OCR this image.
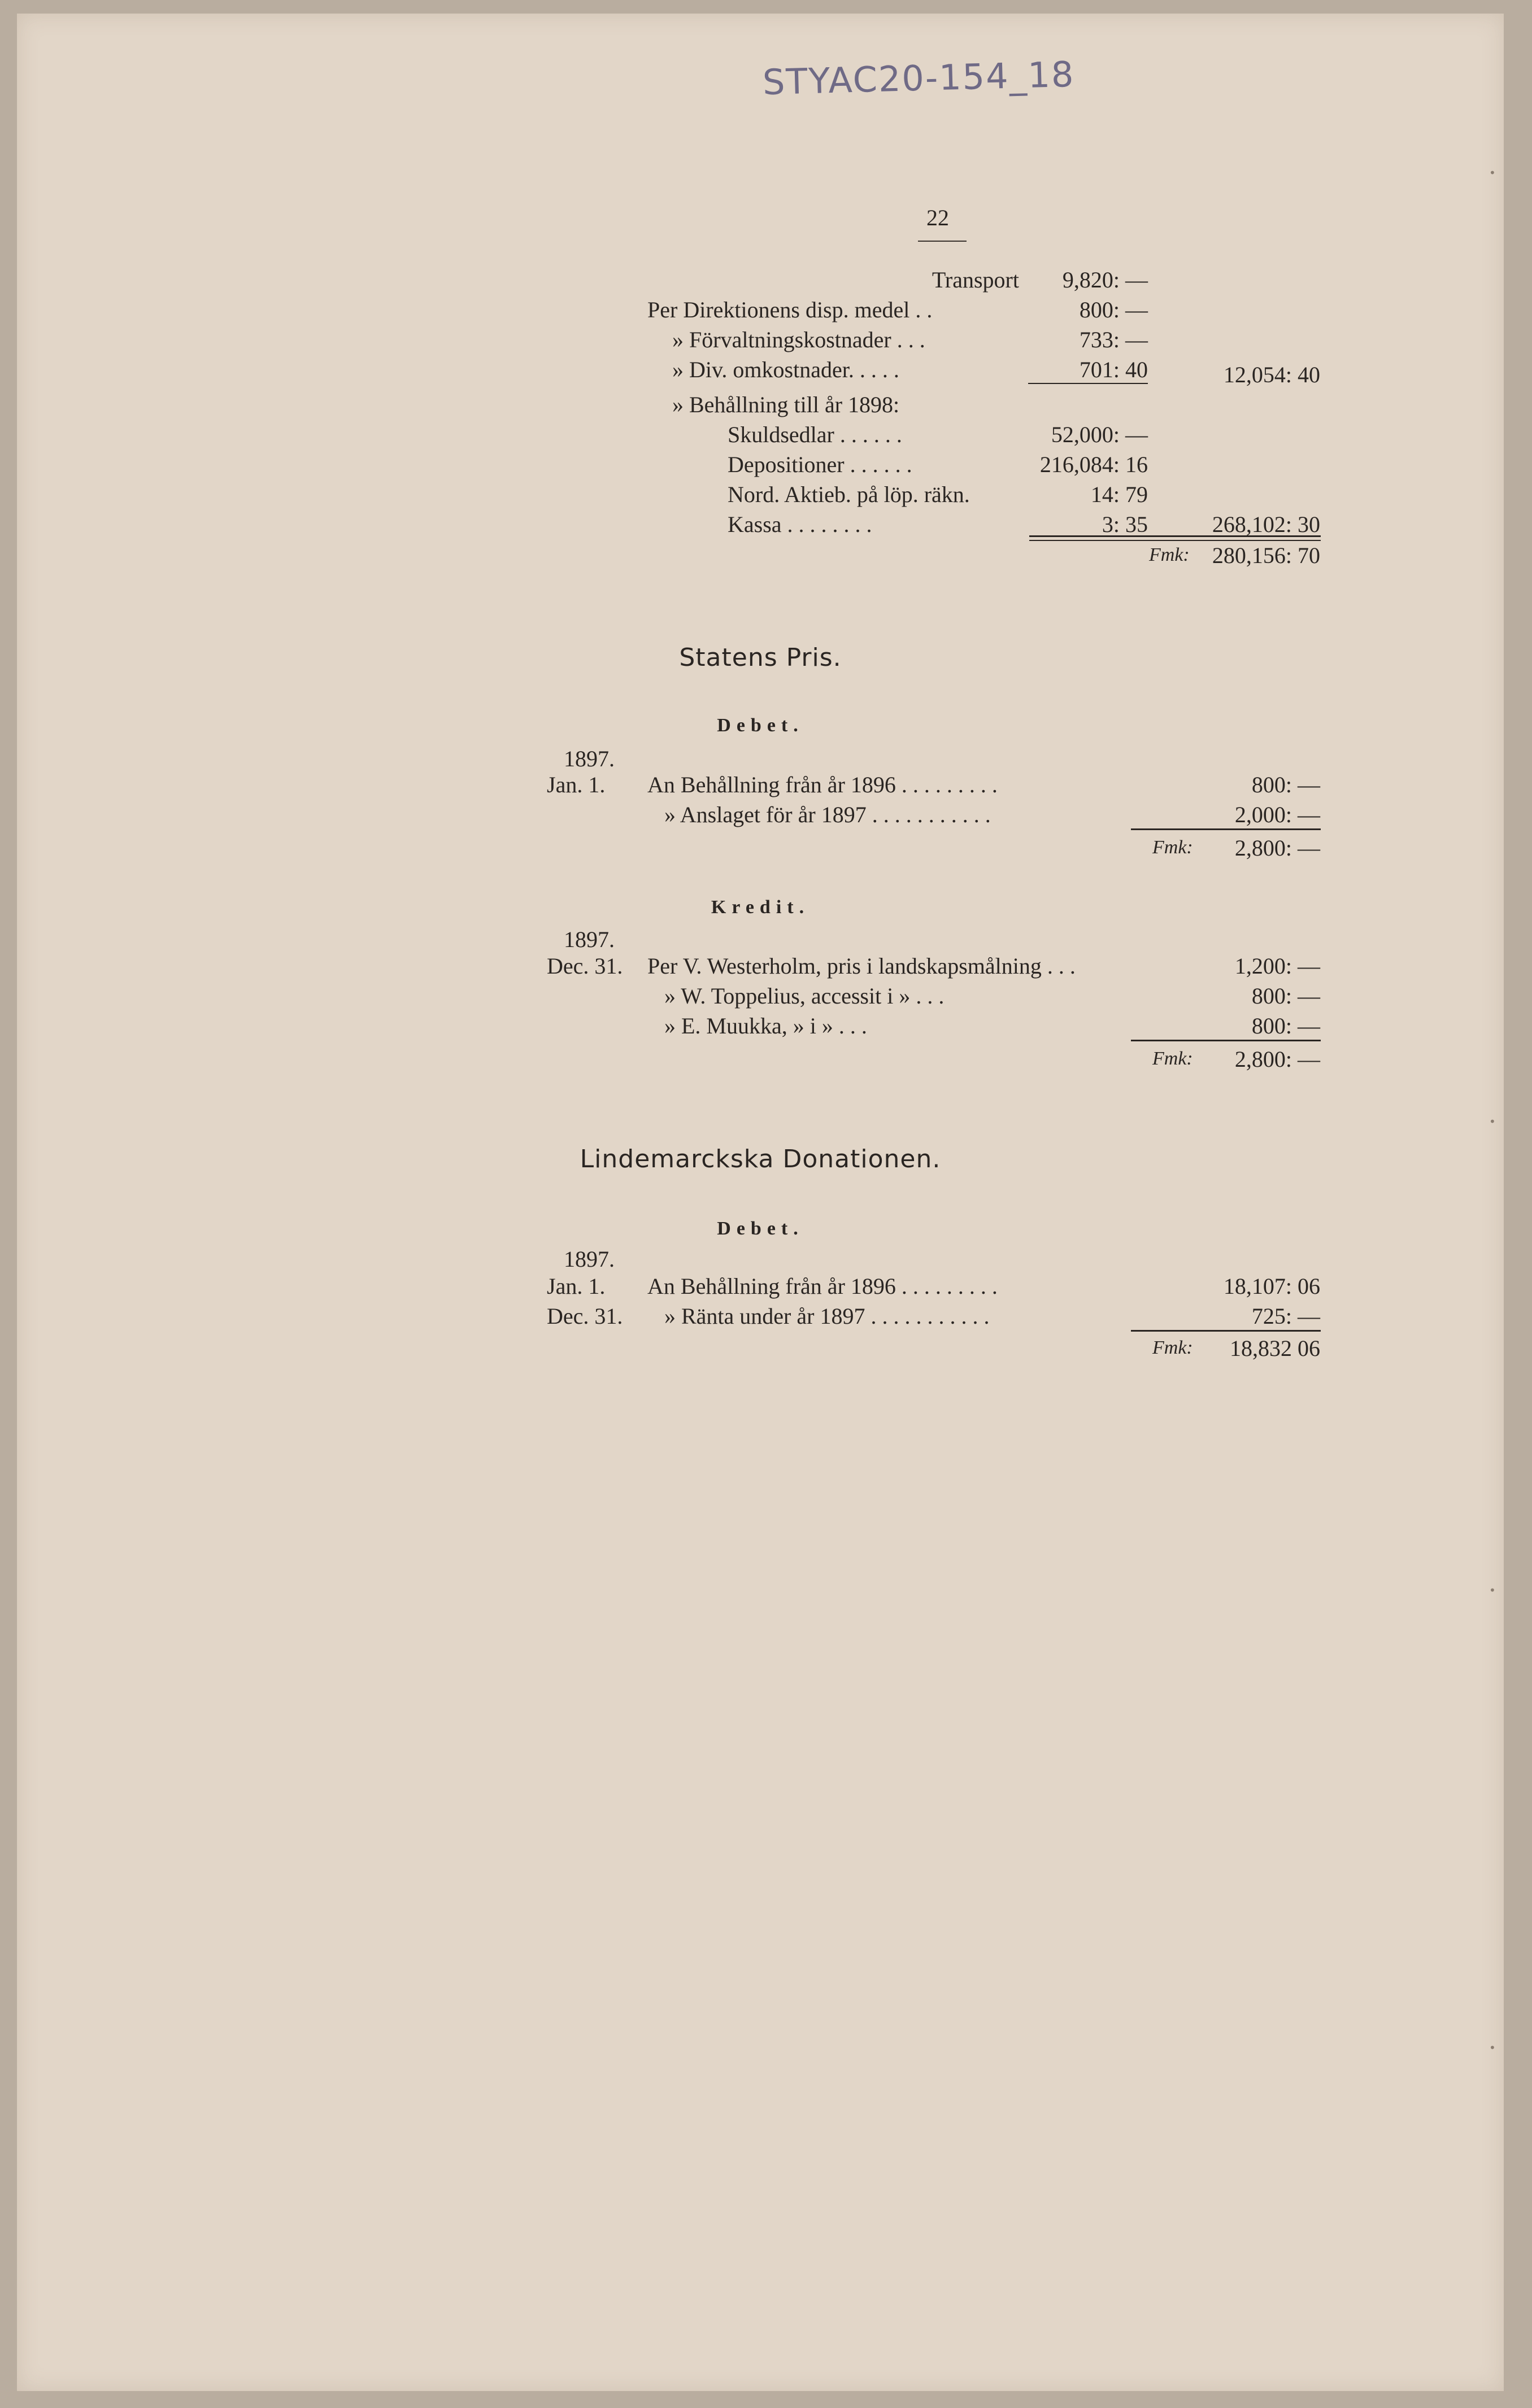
STYAC20-154_18
22
Transport 9,820: —
Per Direktionens disp. medel . .	800: —
» Förvaltningskostnader . . .	733: —
» Div. omkostnader. . . . .	701: 40	12,054: 40
» Behållning till år 1898:
Skuldsedlar . . . . . .	52,000: —
Depositioner . . . . . .	216,084: 16
Nord. Aktieb. på löp. räkn.	14: 79
Kassa . . . . . . . .	3: 35	268,102: 30
Fmk: 280,156: 70
Statens Pris.
Debet.
1897.
Jan. 1. An Behållning från år 1896 . . . . . . . . .	800: —
» Anslaget för år 1897 . . . . . . . . . . .	2,000: —
Fmk: 2,800: —
Kredit.
1897.
Dec. 31. Per V. Westerholm, pris i landskapsmålning . . .	1,200: —
» W. Toppelius, accessit i » . . .	800: —
» E. Muukka, » i » . . .	800: —
Fmk: 2,800: —
Lindemarckska Donationen.
Debet.
1897.
Jan. 1. An Behållning från år 1896 . . . . . . . . .	18,107: 06
Dec. 31. » Ränta under år 1897 . . . . . . . . . . .	725: —
Fmk: 18,832 06
•
•
•
•
